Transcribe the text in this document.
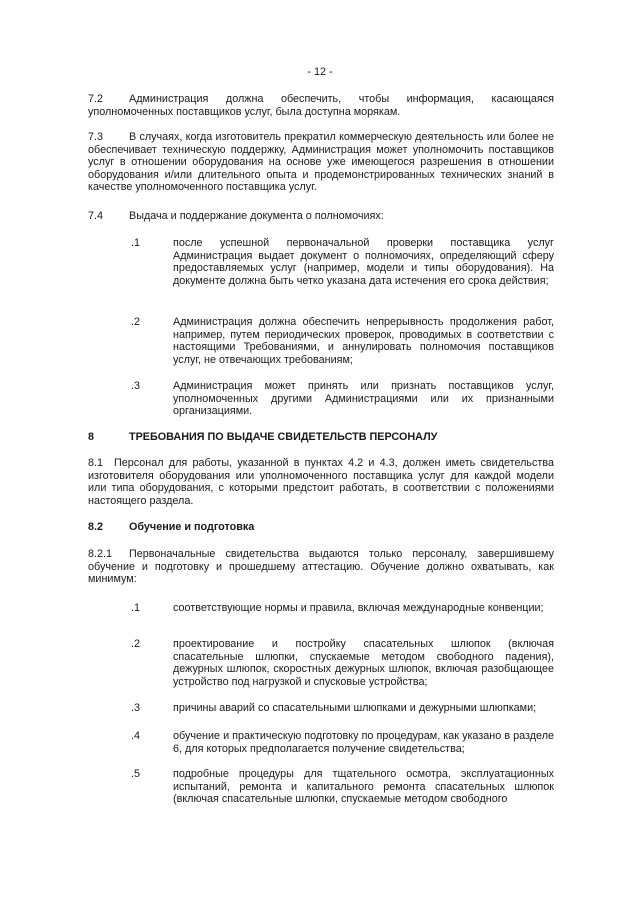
- 12 -
7.2	Администрация должна обеспечить, чтобы информация, касающаяся уполномоченных поставщиков услуг, была доступна морякам.
7.3	В случаях, когда изготовитель прекратил коммерческую деятельность или более не обеспечивает техническую поддержку, Администрация может уполномочить поставщиков услуг в отношении оборудования на основе уже имеющегося разрешения в отношении оборудования и/или длительного опыта и продемонстрированных технических знаний в качестве уполномоченного поставщика услуг.
7.4 Выдача и поддержание документа о полномочиях:
.1	после успешной первоначальной проверки поставщика услуг Администрация выдает документ о полномочиях, определяющий сферу предоставляемых услуг (например, модели и типы оборудования). На документе должна быть четко указана дата истечения его срока действия;
.2	Администрация должна обеспечить непрерывность продолжения работ, например, путем периодических проверок, проводимых в соответствии с настоящими Требованиями, и аннулировать полномочия поставщиков услуг, не отвечающих требованиям;
.3	Администрация может принять или признать поставщиков услуг, уполномоченных другими Администрациями или их признанными организациями.
8	ТРЕБОВАНИЯ ПО ВЫДАЧЕ СВИДЕТЕЛЬСТВ ПЕРСОНАЛУ
8.1	Персонал для работы, указанной в пунктах 4.2 и 4.3, должен иметь свидетельства изготовителя оборудования или уполномоченного поставщика услуг для каждой модели или типа оборудования, с которыми предстоит работать, в соответствии с положениями настоящего раздела.
8.2 Обучение и подготовка
8.2.1	Первоначальные свидетельства выдаются только персоналу, завершившему обучение и подготовку и прошедшему аттестацию. Обучение должно охватывать, как минимум:
.1	соответствующие нормы и правила, включая международные конвенции;
.2	проектирование и постройку спасательных шлюпок (включая спасательные шлюпки, спускаемые методом свободного падения), дежурных шлюпок, скоростных дежурных шлюпок, включая разобщающее устройство под нагрузкой и спусковые устройства;
.3	причины аварий со спасательными шлюпками и дежурными шлюпками;
.4	обучение и практическую подготовку по процедурам, как указано в разделе 6, для которых предполагается получение свидетельства;
.5	подробные процедуры для тщательного осмотра, эксплуатационных испытаний, ремонта и капитального ремонта спасательных шлюпок (включая спасательные шлюпки, спускаемые методом свободного
